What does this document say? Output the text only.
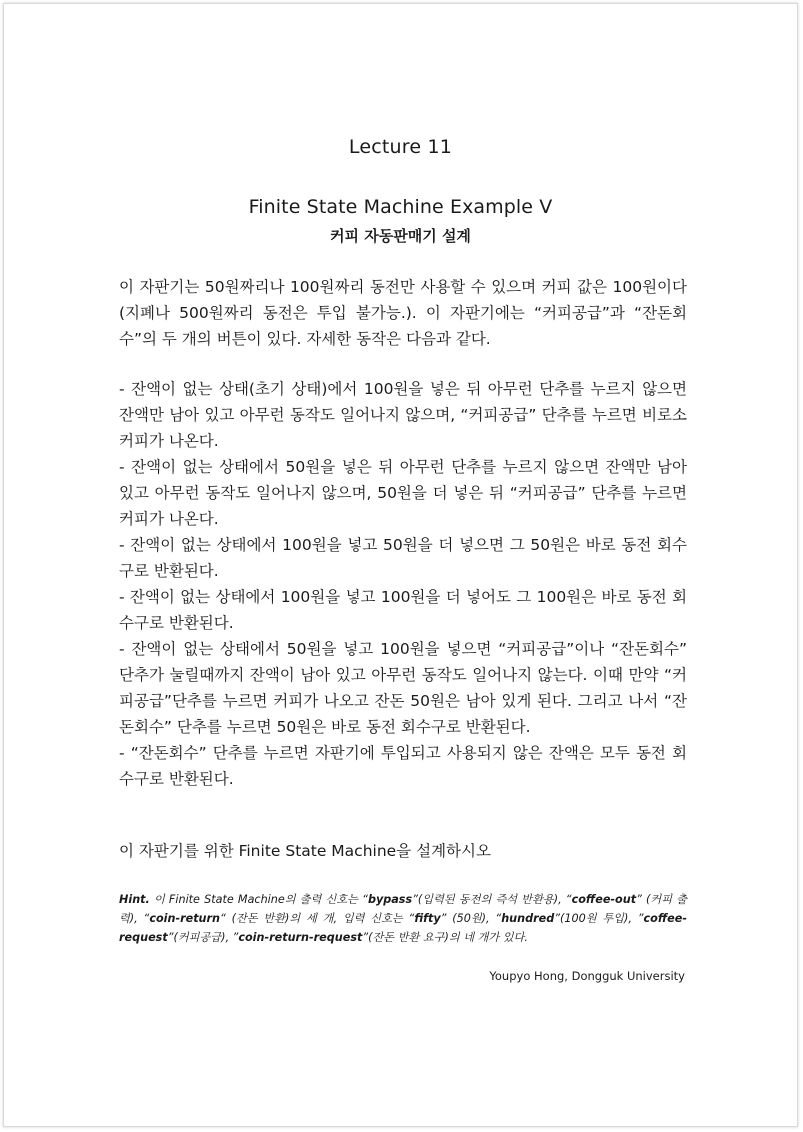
Lecture 11
Finite State Machine Example V
커피 자동판매기 설계

이 자판기는 50원짜리나 100원짜리 동전만 사용할 수 있으며 커피 값은 100원이다 (지폐나 500원짜리 동전은 투입 불가능.). 이 자판기에는 “커피공급”과 “잔돈회수”의 두 개의 버튼이 있다. 자세한 동작은 다음과 같다.

- 잔액이 없는 상태(초기 상태)에서 100원을 넣은 뒤 아무런 단추를 누르지 않으면 잔액만 남아 있고 아무런 동작도 일어나지 않으며, “커피공급” 단추를 누르면 비로소 커피가 나온다.

- 잔액이 없는 상태에서 50원을 넣은 뒤 아무런 단추를 누르지 않으면 잔액만 남아 있고 아무런 동작도 일어나지 않으며, 50원을 더 넣은 뒤 “커피공급” 단추를 누르면 커피가 나온다.

- 잔액이 없는 상태에서 100원을 넣고 50원을 더 넣으면 그 50원은 바로 동전 회수구로 반환된다.

- 잔액이 없는 상태에서 100원을 넣고 100원을 더 넣어도 그 100원은 바로 동전 회수구로 반환된다.

- 잔액이 없는 상태에서 50원을 넣고 100원을 넣으면 “커피공급”이나 “잔돈회수” 단추가 눌릴때까지 잔액이 남아 있고 아무런 동작도 일어나지 않는다. 이때 만약 “커피공급”단추를 누르면 커피가 나오고 잔돈 50원은 남아 있게 된다. 그리고 나서 “잔돈회수” 단추를 누르면 50원은 바로 동전 회수구로 반환된다.

- “잔돈회수” 단추를 누르면 자판기에 투입되고 사용되지 않은 잔액은 모두 동전 회수구로 반환된다.

이 자판기를 위한 Finite State Machine을 설계하시오

Hint. 이 Finite State Machine의 출력 신호는 “bypass”(입력된 동전의 즉석 반환용), “coffee-out” (커피 출력), “coin-return“ (잔돈 반환)의 세 개, 입력 신호는 “fifty” (50원), “hundred”(100원 투입), ”coffee-request”(커피공급), ”coin-return-request”(잔돈 반환 요구)의 네 개가 있다.
Youpyo Hong, Dongguk University
